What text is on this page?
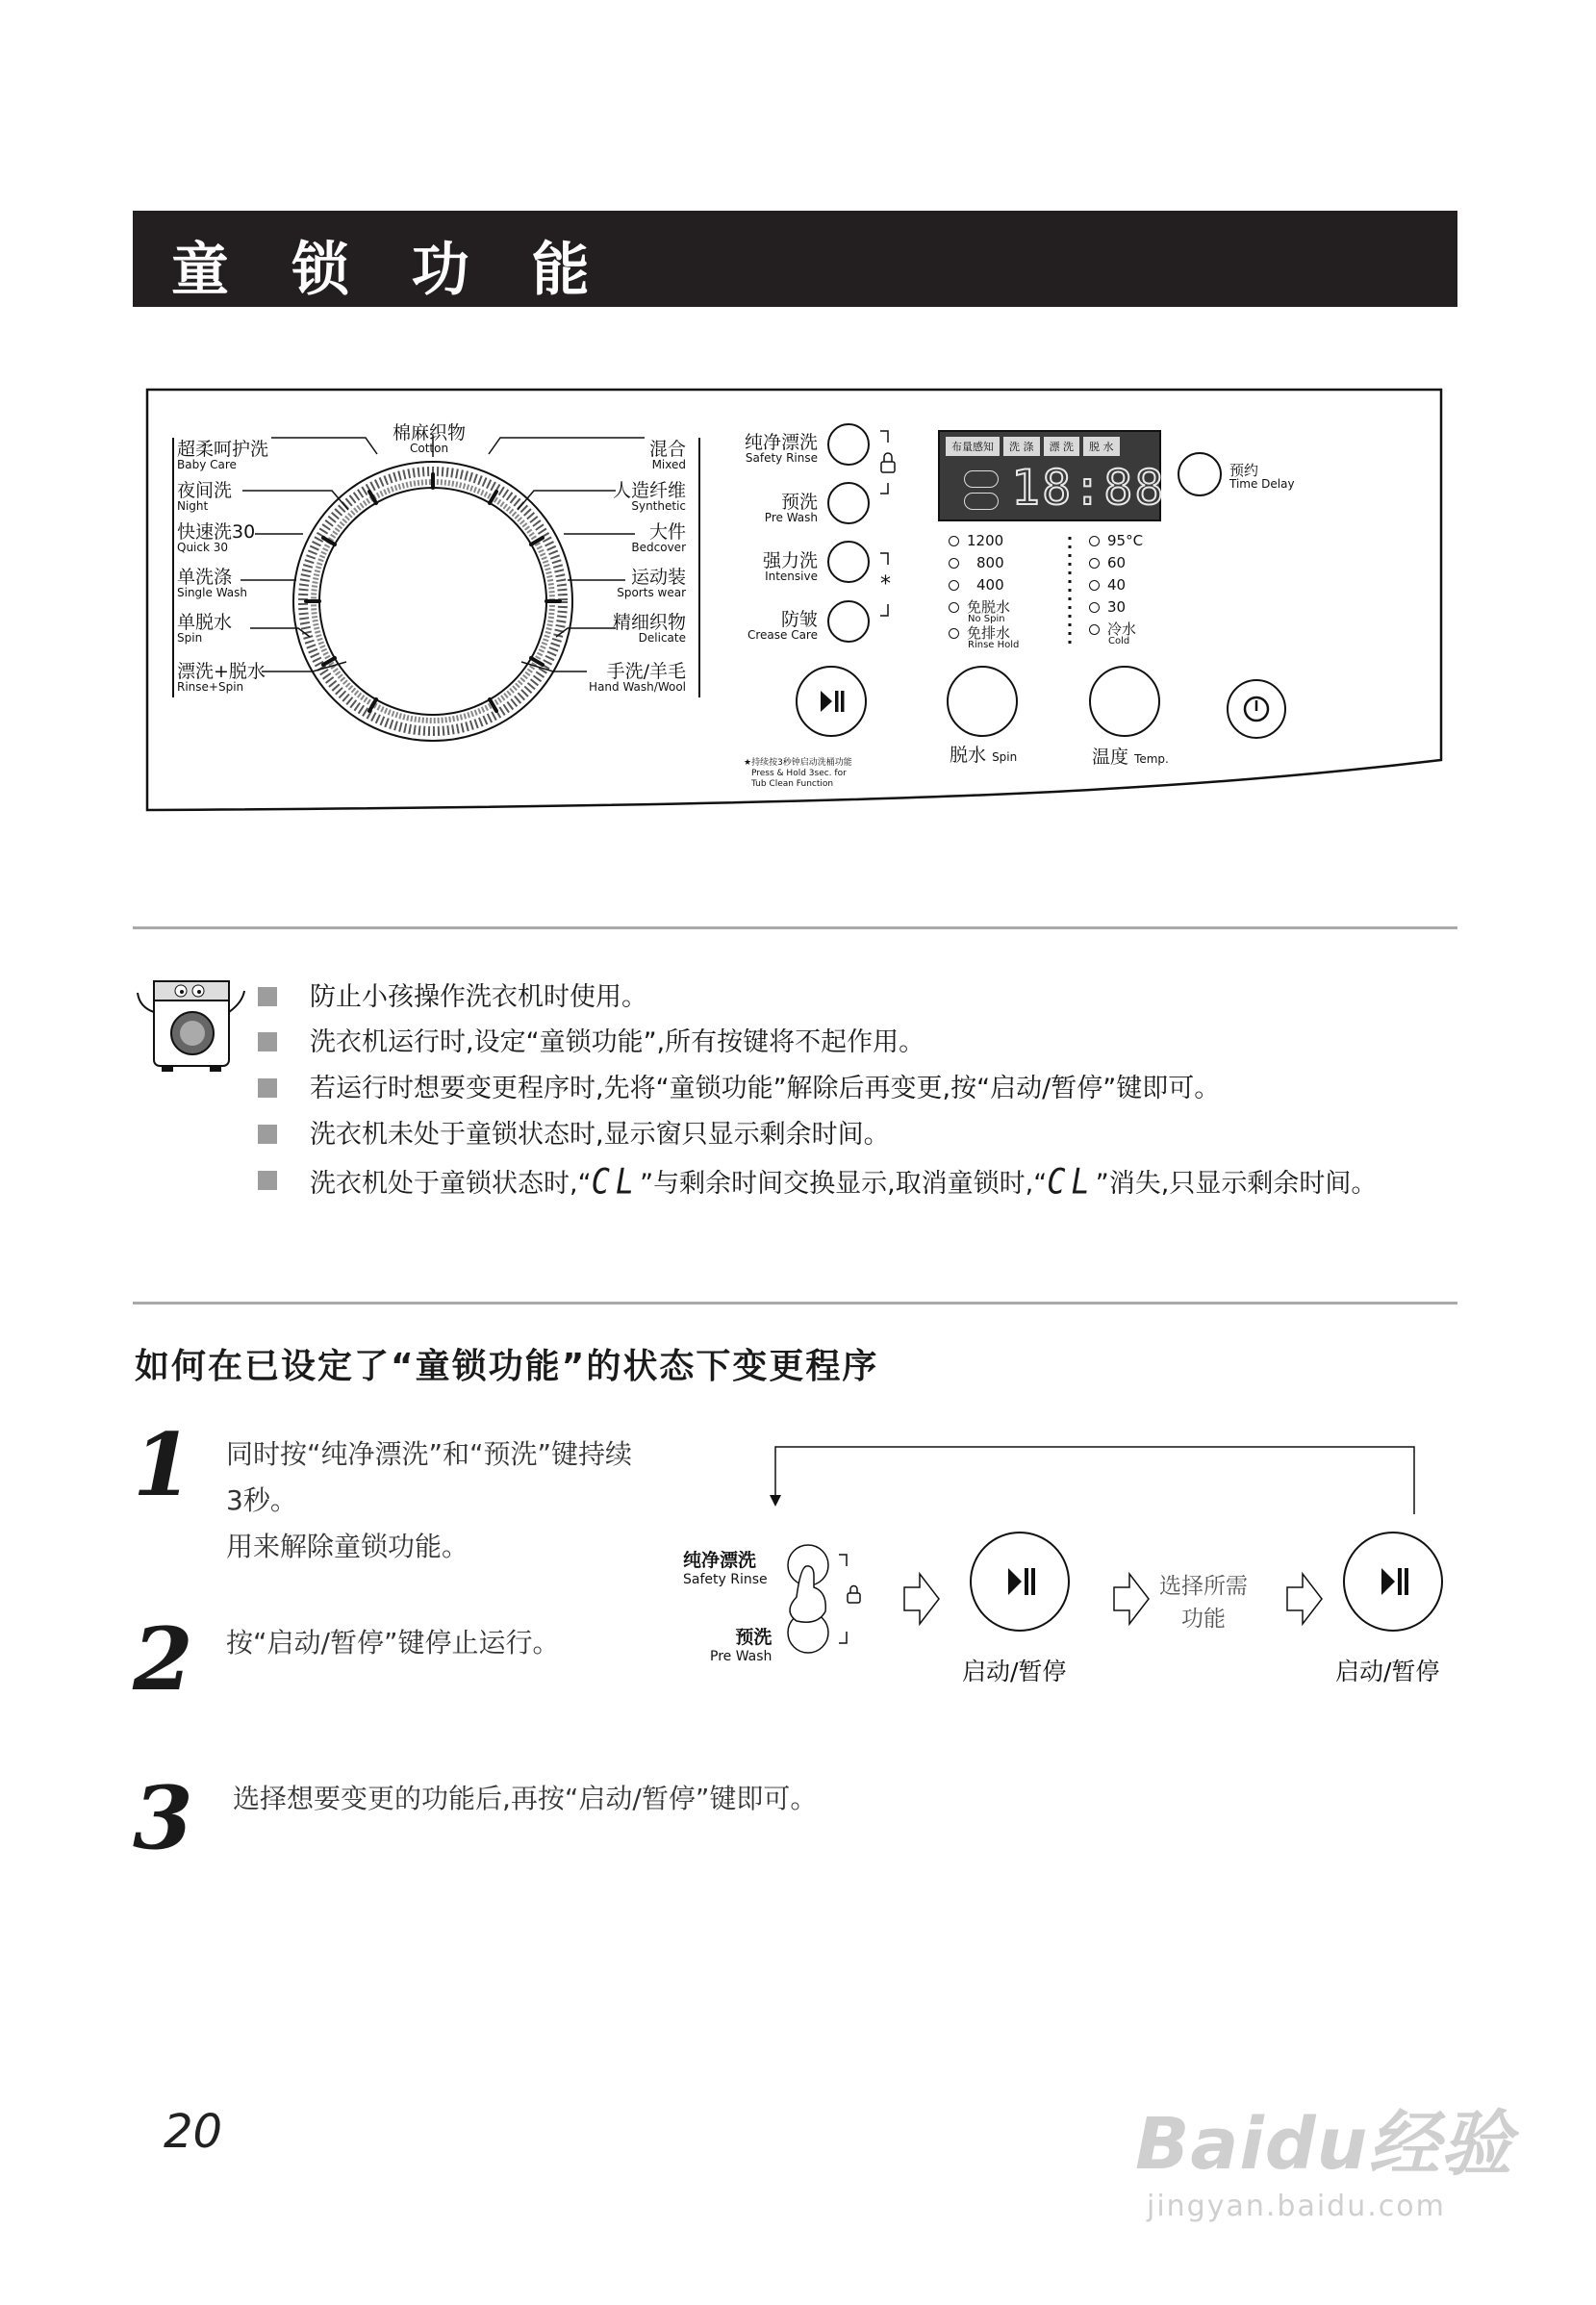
童 锁 功 能
棉麻织物
Cotton
超柔呵护洗
Baby Care
夜间洗
Night
快速洗30
Quick 30
单洗涤
Single Wash
单脱水
Spin
漂洗+脱水
Rinse+Spin
混合
Mixed
人造纤维
Synthetic
大件
Bedcover
运动装
Sports wear
精细织物
Delicate
手洗/羊毛
Hand Wash/Wool
纯净漂洗
Safety Rinse
预洗
Pre Wash
强力洗
Intensive
防皱
Crease Care
*
★持续按3秒钟启动洗桶功能
Press & Hold 3sec. for
Tub Clean Function
布量感知	洗 涤	漂 洗	脱 水
18:88	预约
Time Delay
1200
800
400
免脱水
No Spin
免排水
Rinse Hold
95°C
60
40
30
冷水
Cold
脱水 Spin	温度 Temp.
防止小孩操作洗衣机时使用。
洗衣机运行时,设定“童锁功能”,所有按键将不起作用。
若运行时想要变更程序时,先将“童锁功能”解除后再变更,按“启动/暂停”键即可。
洗衣机未处于童锁状态时,显示窗只显示剩余时间。
洗衣机处于童锁状态时,“CL”与剩余时间交换显示,取消童锁时,“CL”消失,只显示剩余时间。
如何在已设定了“童锁功能”的状态下变更程序
1 同时按“纯净漂洗”和“预洗”键持续
3秒。
用来解除童锁功能。
2 按“启动/暂停”键停止运行。
3 选择想要变更的功能后,再按“启动/暂停”键即可。
纯净漂洗
Safety Rinse
预洗
Pre Wash
启动/暂停
选择所需
功能
启动/暂停
20	Baidu经验
jingyan.baidu.com
